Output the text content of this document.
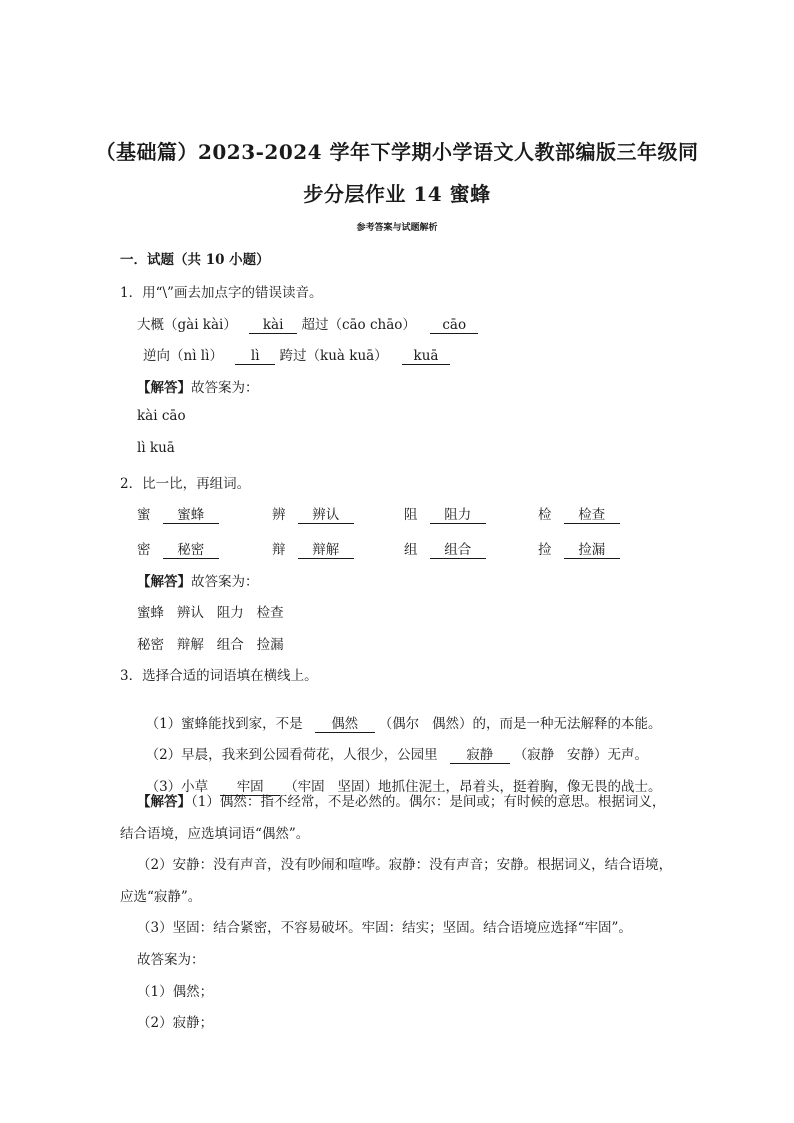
（基础篇）2023-2024 学年下学期小学语文人教部编版三年级同
步分层作业 14 蜜蜂
参考答案与试题解析
一．试题（共 10 小题）
1．用“\”画去加点字的错误读音。
大概（gài kài） kài 超过（cāo chāo） cāo
逆向（nì lì） lì 跨过（kuà kuā） kuā
【解答】故答案为：
kài cāo
lì kuā
2．比一比，再组词。
蜜 蜜蜂	辨 辨认	阻 阻力	检 检查
密 秘密	辩 辩解	组 组合	捡 捡漏
【解答】故答案为：
蜜蜂   辨认   阻力   检查
秘密   辩解   组合   捡漏
3．选择合适的词语填在横线上。

（1）蜜蜂能找到家，不是 偶然 （偶尔   偶然）的，而是一种无法解释的本能。

（2）早晨，我来到公园看荷花，人很少，公园里 寂静 （寂静   安静）无声。

（3）小草 牢固 （牢固   坚固）地抓住泥土，昂着头，挺着胸，像无畏的战士。

【解答】（1）偶然：指不经常，不是必然的。偶尔：是间或；有时候的意思。根据词义，
结合语境，应选填词语“偶然”。
（2）安静：没有声音，没有吵闹和喧哗。寂静：没有声音；安静。根据词义，结合语境，
应选“寂静”。
（3）坚固：结合紧密，不容易破坏。牢固：结实；坚固。结合语境应选择“牢固”。
故答案为：
（1）偶然；
（2）寂静；
